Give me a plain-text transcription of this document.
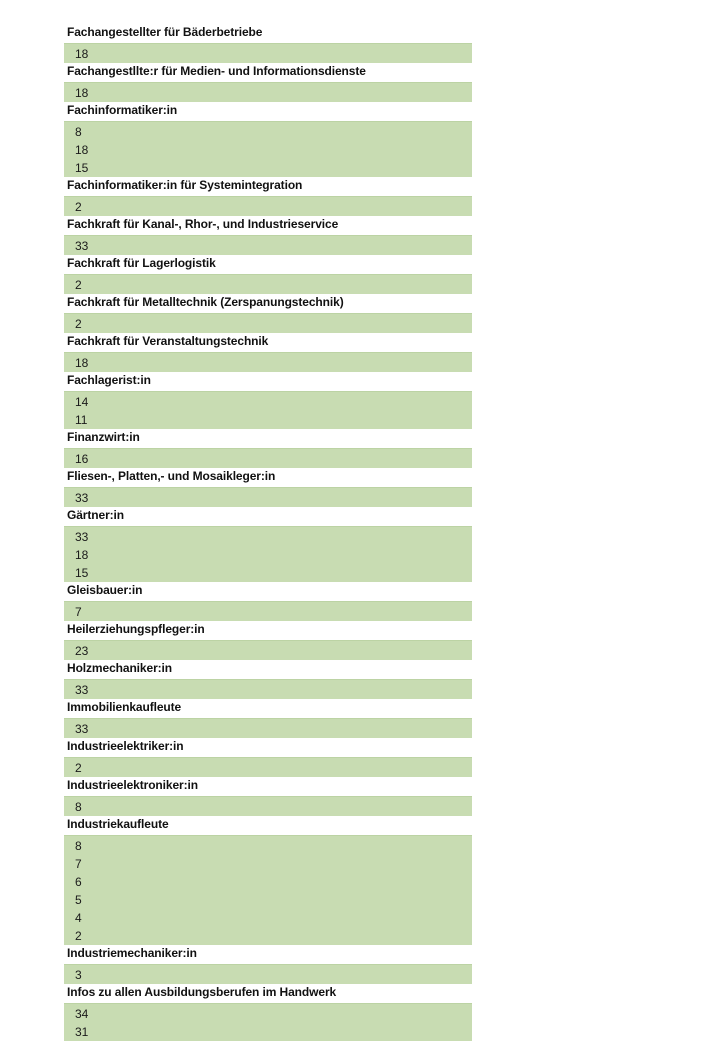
Fachangestellter für Bäderbetriebe
18
Fachangestllte:r für Medien- und Informationsdienste
18
Fachinformatiker:in
8
18
15
Fachinformatiker:in für Systemintegration
2
Fachkraft für Kanal-, Rhor-, und Industrieservice
33
Fachkraft für Lagerlogistik
2
Fachkraft für Metalltechnik (Zerspanungstechnik)
2
Fachkraft für Veranstaltungstechnik
18
Fachlagerist:in
14
11
Finanzwirt:in
16
Fliesen-, Platten,- und Mosaikleger:in
33
Gärtner:in
33
18
15
Gleisbauer:in
7
Heilerziehungspfleger:in
23
Holzmechaniker:in
33
Immobilienkaufleute
33
Industrieelektriker:in
2
Industrieelektroniker:in
8
Industriekaufleute
8
7
6
5
4
2
Industriemechaniker:in
3
Infos zu allen Ausbildungsberufen im Handwerk
34
31
